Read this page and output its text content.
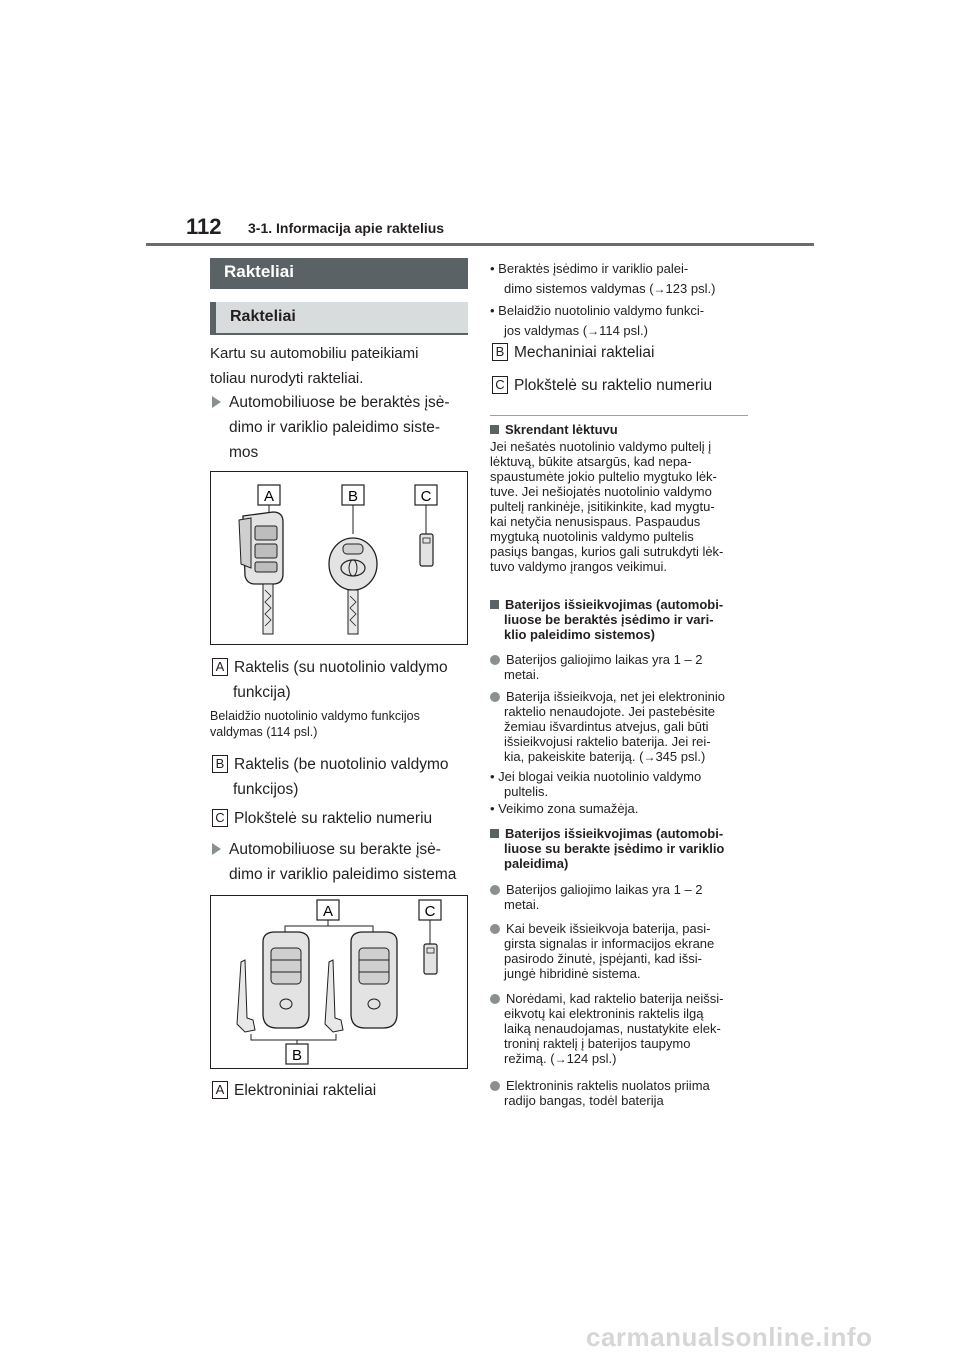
112 3-1. Informacija apie raktelius
Rakteliai
Rakteliai
Kartu su automobiliu pateikiami
toliau nurodyti rakteliai.
Automobiliuose be beraktės įsė-
dimo ir variklio paleidimo siste-
mos
A	B	C
A Raktelis (su nuotolinio valdymo
funkcija)
Belaidžio nuotolinio valdymo funkcijos
valdymas (114 psl.)
B Raktelis (be nuotolinio valdymo
funkcijos)
C Plokštelė su raktelio numeriu
Automobiliuose su berakte įsė-
dimo ir variklio paleidimo sistema
A	C
B
A Elektroniniai rakteliai
• Beraktės įsėdimo ir variklio palei-
dimo sistemos valdymas (→123 psl.)
• Belaidžio nuotolinio valdymo funkci-
jos valdymas (→114 psl.)
B Mechaniniai rakteliai
C Plokštelė su raktelio numeriu
Skrendant lėktuvu
Jei nešatės nuotolinio valdymo pultelį į
lėktuvą, būkite atsargūs, kad nepa-
spaustumėte jokio pultelio mygtuko lėk-
tuve. Jei nešiojatės nuotolinio valdymo
pultelį rankinėje, įsitikinkite, kad mygtu-
kai netyčia nenusispaus. Paspaudus
mygtuką nuotolinis valdymo pultelis
pasiųs bangas, kurios gali sutrukdyti lėk-
tuvo valdymo įrangos veikimui.
Baterijos išsieikvojimas (automobi-
liuose be beraktės įsėdimo ir vari-
klio paleidimo sistemos)
Baterijos galiojimo laikas yra 1 – 2
metai.
Baterija išsieikvoja, net jei elektroninio
raktelio nenaudojote. Jei pastebėsite
žemiau išvardintus atvejus, gali būti
išsieikvojusi raktelio baterija. Jei rei-
kia, pakeiskite bateriją. (→345 psl.)
• Jei blogai veikia nuotolinio valdymo
pultelis.
• Veikimo zona sumažėja.
Baterijos išsieikvojimas (automobi-
liuose su berakte įsėdimo ir variklio
paleidima)
Baterijos galiojimo laikas yra 1 – 2
metai.
Kai beveik išsieikvoja baterija, pasi-
girsta signalas ir informacijos ekrane
pasirodo žinutė, įspėjanti, kad išsi-
jungė hibridinė sistema.
Norėdami, kad raktelio baterija neišsi-
eikvotų kai elektroninis raktelis ilgą
laiką nenaudojamas, nustatykite elek-
troninį raktelį į baterijos taupymo
režimą. (→124 psl.)
Elektroninis raktelis nuolatos priima
radijo bangas, todėl baterija
carmanualsonline.info
